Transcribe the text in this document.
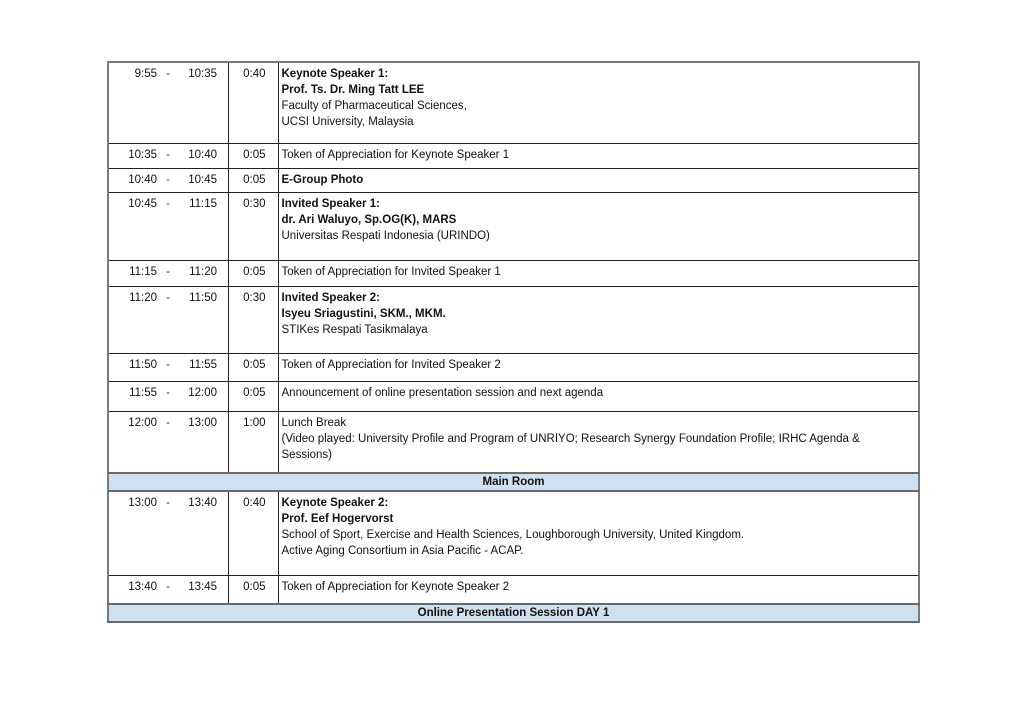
9:55 - 10:35	0:40	Keynote Speaker 1:
Prof. Ts. Dr. Ming Tatt LEE
Faculty of Pharmaceutical Sciences,
UCSI University, Malaysia

10:35 - 10:40	0:05	Token of Appreciation for Keynote Speaker 1

10:40 - 10:45	0:05	E-Group Photo

10:45 - 11:15	0:30	Invited Speaker 1:
dr. Ari Waluyo, Sp.OG(K), MARS
Universitas Respati Indonesia (URINDO)

11:15 - 11:20	0:05	Token of Appreciation for Invited Speaker 1

11:20 - 11:50	0:30	Invited Speaker 2:
Isyeu Sriagustini, SKM., MKM.
STIKes Respati Tasikmalaya

11:50 - 11:55	0:05	Token of Appreciation for Invited Speaker 2

11:55 - 12:00	0:05	Announcement of online presentation session and next agenda

12:00 - 13:00	1:00	Lunch Break
(Video played: University Profile and Program of UNRIYO; Research Synergy Foundation Profile; IRHC Agenda &
Sessions)

Main Room		

13:00 - 13:40	0:40	Keynote Speaker 2:
Prof. Eef Hogervorst
School of Sport, Exercise and Health Sciences, Loughborough University, United Kingdom.
Active Aging Consortium in Asia Pacific - ACAP.

13:40 - 13:45	0:05	Token of Appreciation for Keynote Speaker 2

Online Presentation Session DAY 1		
